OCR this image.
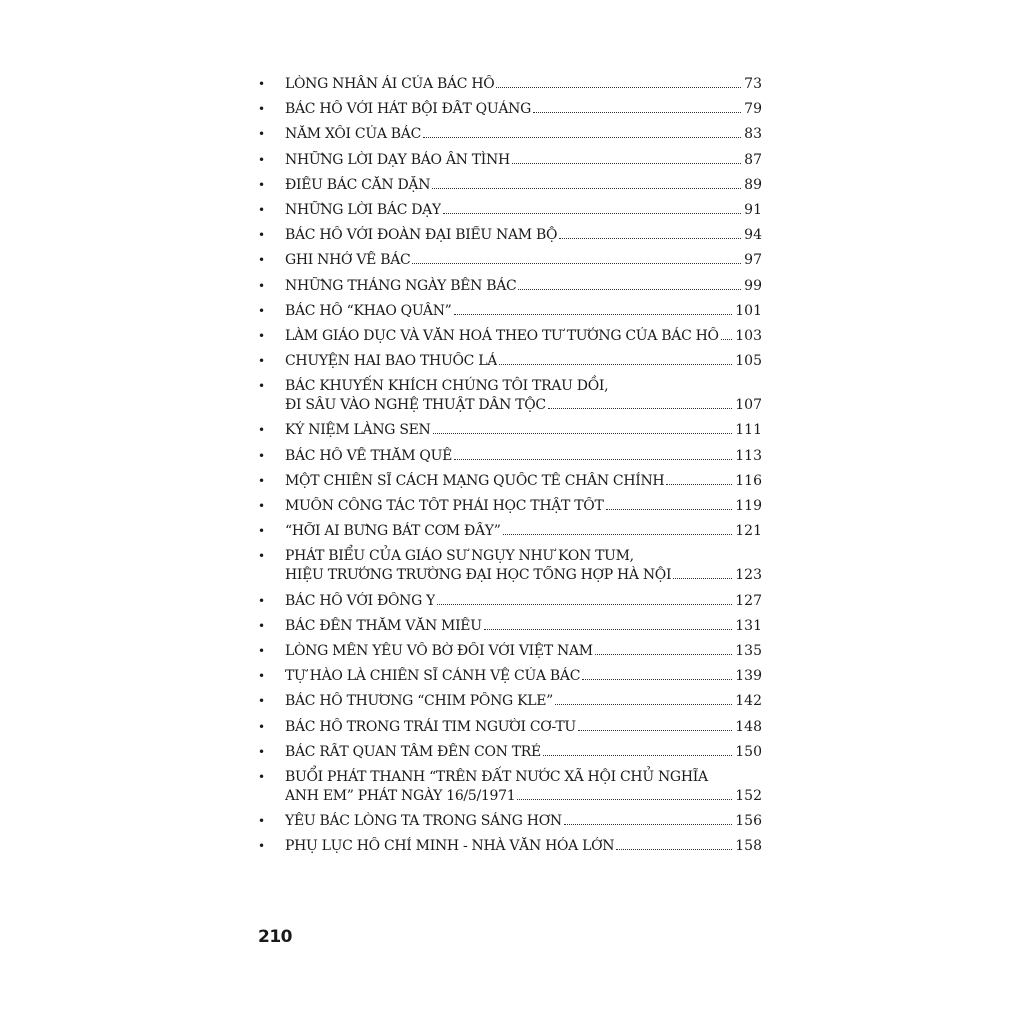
•	LÒNG NHÂN ÁI CỦA BÁC HỒ	73
•	BÁC HỒ VỚI HÁT BỘI ĐẤT QUẢNG	79
•	NẮM XÔI CỦA BÁC	83
•	NHỮNG LỜI DẠY BẢO ÂN TÌNH	87
•	ĐIỀU BÁC CĂN DẶN	89
•	NHỮNG LỜI BÁC DẠY	91
•	BÁC HỒ VỚI ĐOÀN ĐẠI BIỂU NAM BỘ	94
•	GHI NHỚ VỀ BÁC	97
•	NHỮNG THÁNG NGÀY BÊN BÁC	99
•	BÁC HỒ “KHAO QUÂN”	101
•	LÀM GIÁO DỤC VÀ VĂN HOÁ THEO TƯ TƯỞNG CỦA BÁC HỒ 103
•	CHUYỆN HAI BAO THUỐC LÁ	105
•	BÁC KHUYẾN KHÍCH CHÚNG TÔI TRAU DỒI,
ĐI SÂU VÀO NGHỆ THUẬT DÂN TỘC	107
•	KỶ NIỆM LÀNG SEN	111
•	BÁC HỒ VỀ THĂM QUÊ	113
•	MỘT CHIẾN SĨ CÁCH MẠNG QUỐC TẾ CHÂN CHÍNH	116
•	MUỐN CÔNG TÁC TỐT PHẢI HỌC THẬT TỐT	119
•	“HỠI AI BƯNG BÁT CƠM ĐẦY”	121
•	PHÁT BIỂU CỦA GIÁO SƯ NGỤY NHƯ KON TUM,
HIỆU TRƯỞNG TRƯỜNG ĐẠI HỌC TỔNG HỢP HÀ NỘI	123
•	BÁC HỒ VỚI ĐÔNG Y	127
•	BÁC ĐẾN THĂM VĂN MIẾU	131
•	LÒNG MẾN YÊU VÔ BỜ ĐỐI VỚI VIỆT NAM	135
•	TỰ HÀO LÀ CHIẾN SĨ CẢNH VỆ CỦA BÁC	139
•	BÁC HỒ THƯƠNG “CHIM PÔNG KLE”	142
•	BÁC HỒ TRONG TRÁI TIM NGƯỜI CƠ-TU	148
•	BÁC RẤT QUAN TÂM ĐẾN CON TRẺ	150
•	BUỔI PHÁT THANH “TRÊN ĐẤT NƯỚC XÃ HỘI CHỦ NGHĨA
ANH EM” PHÁT NGÀY 16/5/1971	152
•	YÊU BÁC LÒNG TA TRONG SÁNG HƠN	156
•	PHỤ LỤC HỒ CHÍ MINH - NHÀ VĂN HÓA LỚN	158
210
